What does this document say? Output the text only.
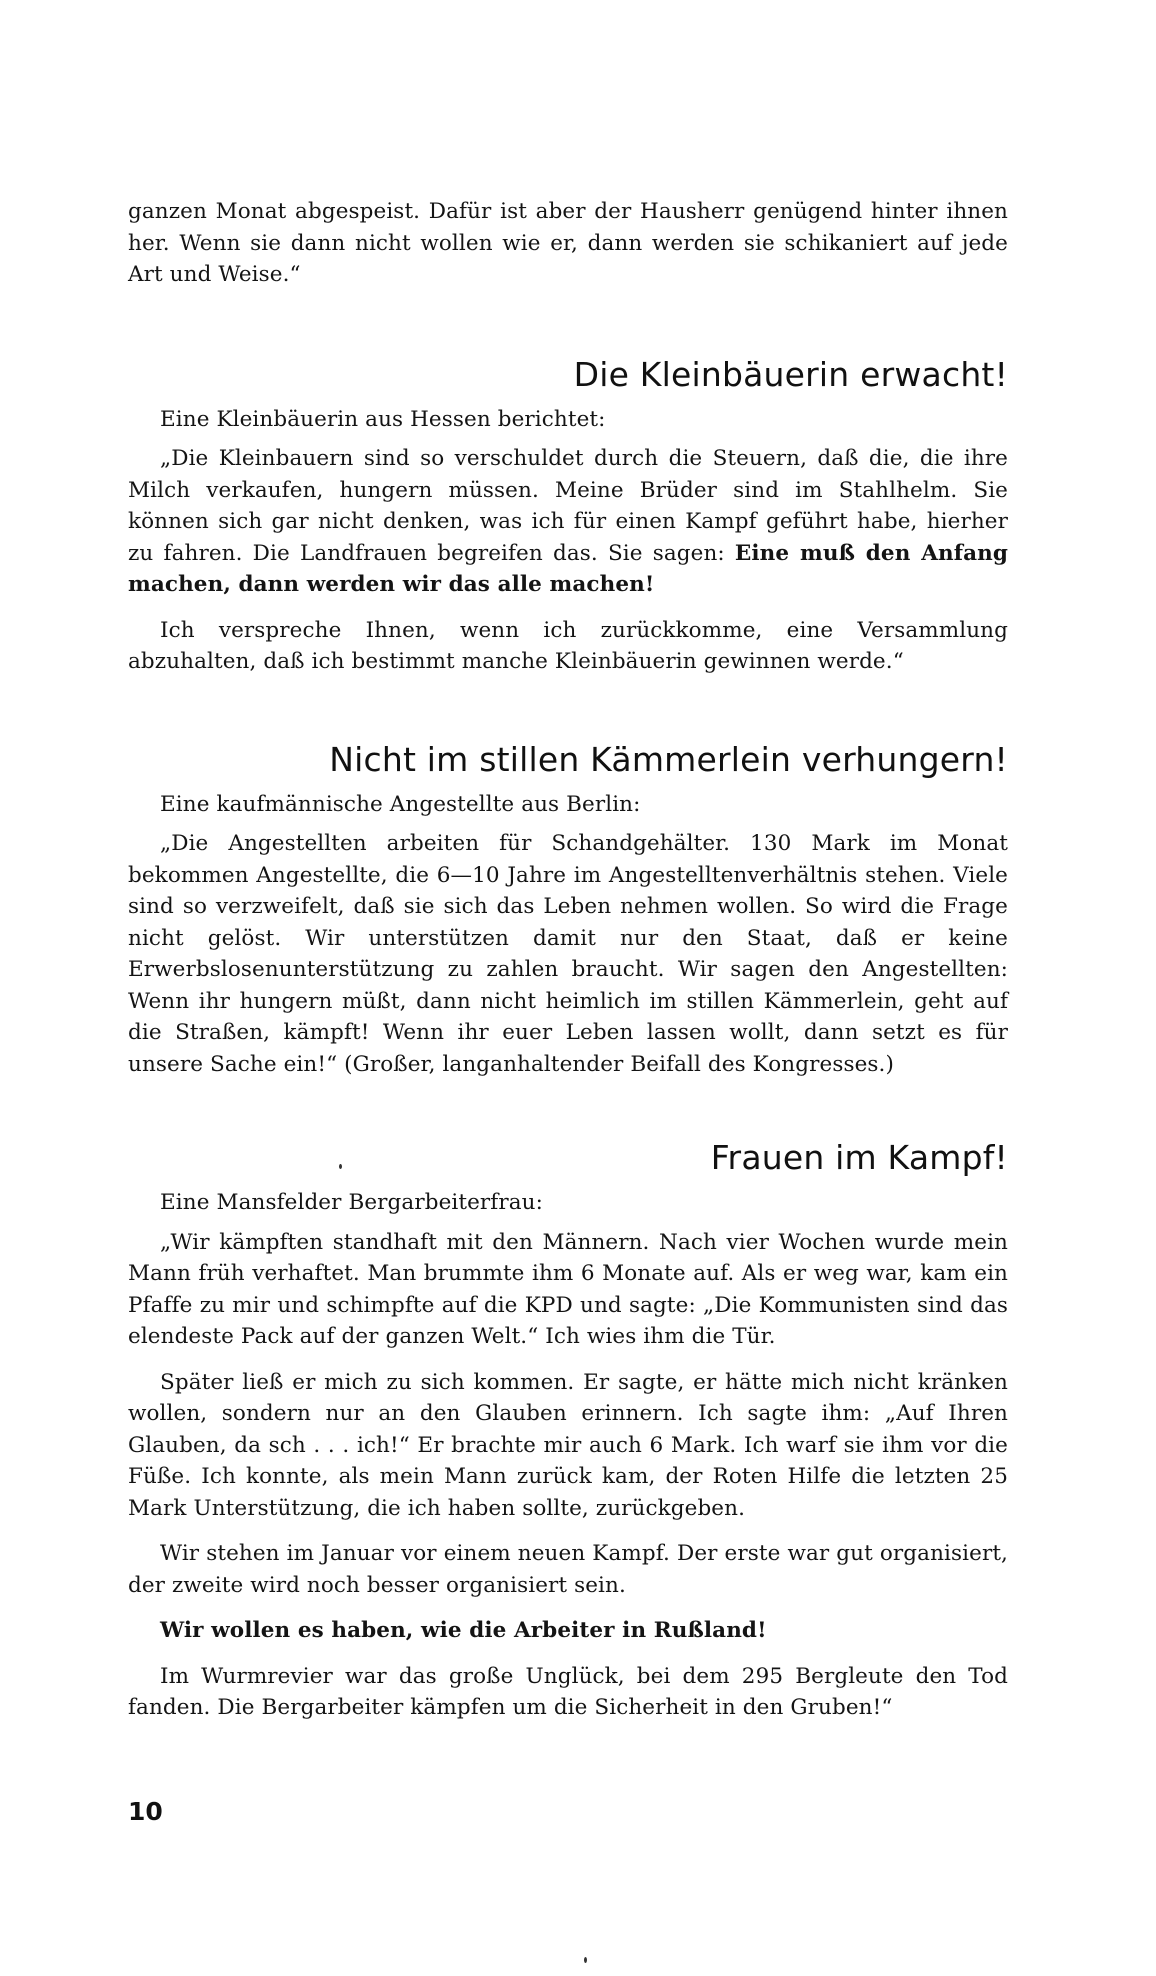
ganzen Monat abgespeist. Dafür ist aber der Hausherr genügend hinter ihnen her. Wenn sie dann nicht wollen wie er, dann werden sie schikaniert auf jede Art und Weise.“

Die Kleinbäuerin erwacht!

Eine Kleinbäuerin aus Hessen berichtet:

„Die Kleinbauern sind so verschuldet durch die Steuern, daß die, die ihre Milch verkaufen, hungern müssen. Meine Brüder sind im Stahlhelm. Sie können sich gar nicht denken, was ich für einen Kampf geführt habe, hierher zu fahren. Die Landfrauen begreifen das. Sie sagen: Eine muß den Anfang machen, dann werden wir das alle machen!

Ich verspreche Ihnen, wenn ich zurückkomme, eine Versammlung abzuhalten, daß ich bestimmt manche Kleinbäuerin gewinnen werde.“

Nicht im stillen Kämmerlein verhungern!

Eine kaufmännische Angestellte aus Berlin:

„Die Angestellten arbeiten für Schandgehälter. 130 Mark im Monat bekommen Angestellte, die 6—10 Jahre im Angestelltenverhältnis stehen. Viele sind so verzweifelt, daß sie sich das Leben nehmen wollen. So wird die Frage nicht gelöst. Wir unterstützen damit nur den Staat, daß er keine Erwerbslosenunterstützung zu zahlen braucht. Wir sagen den Angestellten: Wenn ihr hungern müßt, dann nicht heimlich im stillen Kämmerlein, geht auf die Straßen, kämpft! Wenn ihr euer Leben lassen wollt, dann setzt es für unsere Sache ein!“ (Großer, langanhaltender Beifall des Kongresses.)

Frauen im Kampf!

Eine Mansfelder Bergarbeiterfrau:

„Wir kämpften standhaft mit den Männern. Nach vier Wochen wurde mein Mann früh verhaftet. Man brummte ihm 6 Monate auf. Als er weg war, kam ein Pfaffe zu mir und schimpfte auf die KPD und sagte: „Die Kommunisten sind das elendeste Pack auf der ganzen Welt.“ Ich wies ihm die Tür.

Später ließ er mich zu sich kommen. Er sagte, er hätte mich nicht kränken wollen, sondern nur an den Glauben erinnern. Ich sagte ihm: „Auf Ihren Glauben, da sch . . . ich!“ Er brachte mir auch 6 Mark. Ich warf sie ihm vor die Füße. Ich konnte, als mein Mann zurück kam, der Roten Hilfe die letzten 25 Mark Unterstützung, die ich haben sollte, zurückgeben.

Wir stehen im Januar vor einem neuen Kampf. Der erste war gut organisiert, der zweite wird noch besser organisiert sein.

Wir wollen es haben, wie die Arbeiter in Rußland!

Im Wurmrevier war das große Unglück, bei dem 295 Bergleute den Tod fanden. Die Bergarbeiter kämpfen um die Sicherheit in den Gruben!“

10
